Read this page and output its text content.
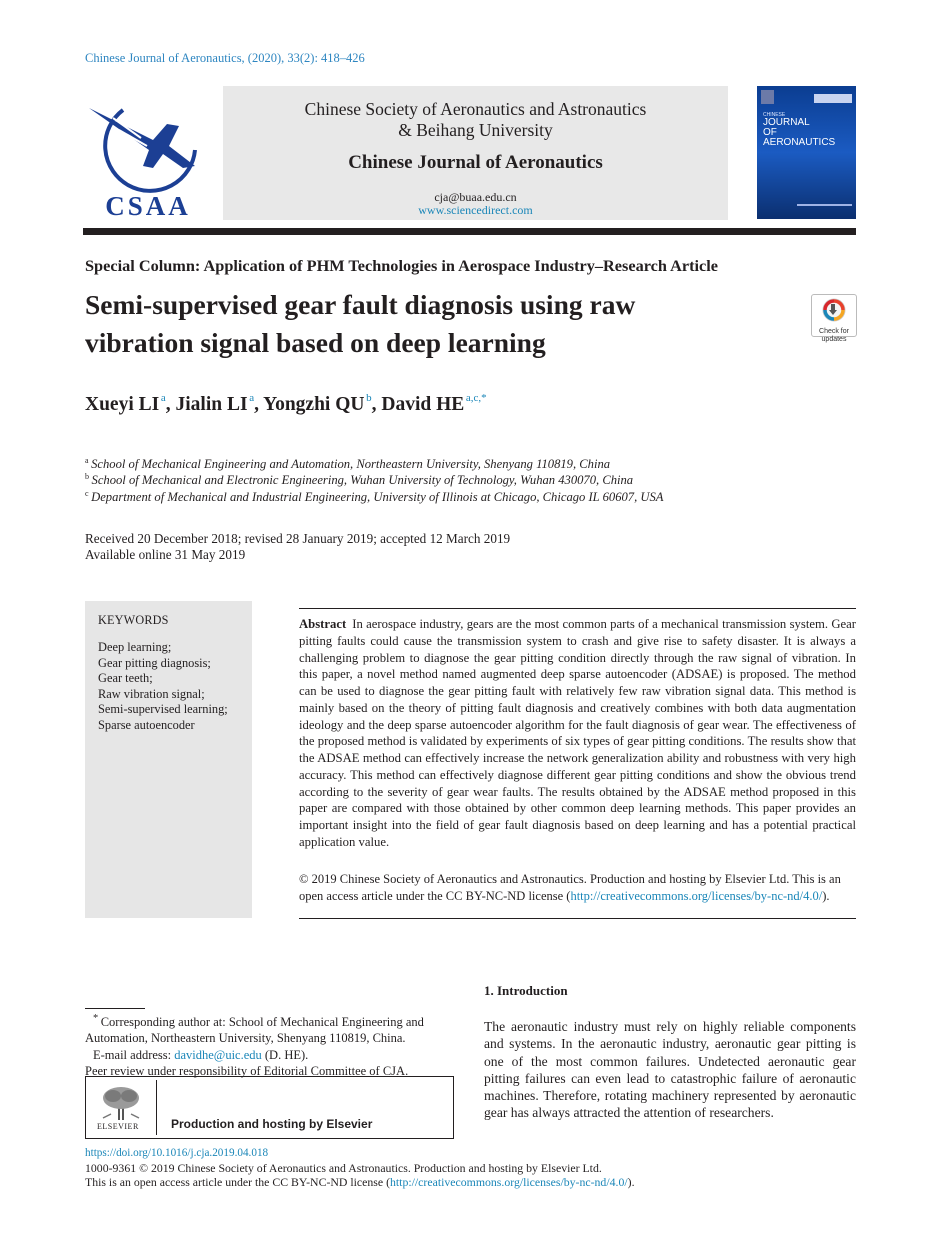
Chinese Journal of Aeronautics, (2020), 33(2): 418–426
CSAA
Chinese Society of Aeronautics and Astronautics
& Beihang University
Chinese Journal of Aeronautics
cja@buaa.edu.cn
www.sciencedirect.com
CHINESE
JOURNAL
OF
AERONAUTICS
Special Column: Application of PHM Technologies in Aerospace Industry–Research Article
Semi-supervised gear fault diagnosis using raw
vibration signal based on deep learning	Check for
updates
Xueyi LI  $^a$, Jialin LI  $^a$, Yongzhi QU  $^b$, David HE  $^{a,c,*}$
$^a$  School of Mechanical Engineering and Automation, Northeastern University, Shenyang 110819, China
$^b$  School of Mechanical and Electronic Engineering, Wuhan University of Technology, Wuhan 430070, China
$^c$  Department of Mechanical and Industrial Engineering, University of Illinois at Chicago, Chicago IL 60607, USA
Received 20 December 2018; revised 28 January 2019; accepted 12 March 2019
Available online 31 May 2019
KEYWORDS
Deep learning;
Gear pitting diagnosis;
Gear teeth;
Raw vibration signal;
Semi-supervised learning;
Sparse autoencoder
Abstract In aerospace industry, gears are the most common parts of a mechanical transmission system. Gear pitting faults could cause the transmission system to crash and give rise to safety disaster. It is always a challenging problem to diagnose the gear pitting condition directly through the raw signal of vibration. In this paper, a novel method named augmented deep sparse autoencoder (ADSAE) is proposed. The method can be used to diagnose the gear pitting fault with relatively few raw vibration signal data. This method is mainly based on the theory of pitting fault diagnosis and creatively combines with both data augmentation ideology and the deep sparse autoencoder algorithm for the fault diagnosis of gear wear. The effectiveness of the proposed method is validated by experiments of six types of gear pitting conditions. The results show that the ADSAE method can effectively increase the network generalization ability and robustness with very high accuracy. This method can effectively diagnose different gear pitting conditions and show the obvious trend according to the severity of gear wear faults. The results obtained by the ADSAE method proposed in this paper are compared with those obtained by other common deep learning methods. This paper provides an important insight into the field of gear fault diagnosis based on deep learning and has a potential practical application value.
© 2019 Chinese Society of Aeronautics and Astronautics. Production and hosting by Elsevier Ltd. This is an open access article under the CC BY-NC-ND license (http://creativecommons.org/licenses/by-nc-nd/4.0/).
*  Corresponding author at: School of Mechanical Engineering and Automation, Northeastern University, Shenyang 110819, China.
E-mail address: davidhe@uic.edu (D. HE).
Peer review under responsibility of Editorial Committee of CJA.
ELSEVIER	Production and hosting by Elsevier
1. Introduction
The aeronautic industry must rely on highly reliable components and systems. In the aeronautic industry, aeronautic gear pitting is one of the most common failures. Undetected aeronautic gear pitting failures can even lead to catastrophic failure of aeronautic machines. Therefore, rotating machinery represented by aeronautic gear has always attracted the attention of researchers.
https://doi.org/10.1016/j.cja.2019.04.018
1000-9361 © 2019 Chinese Society of Aeronautics and Astronautics. Production and hosting by Elsevier Ltd.
This is an open access article under the CC BY-NC-ND license (http://creativecommons.org/licenses/by-nc-nd/4.0/).
